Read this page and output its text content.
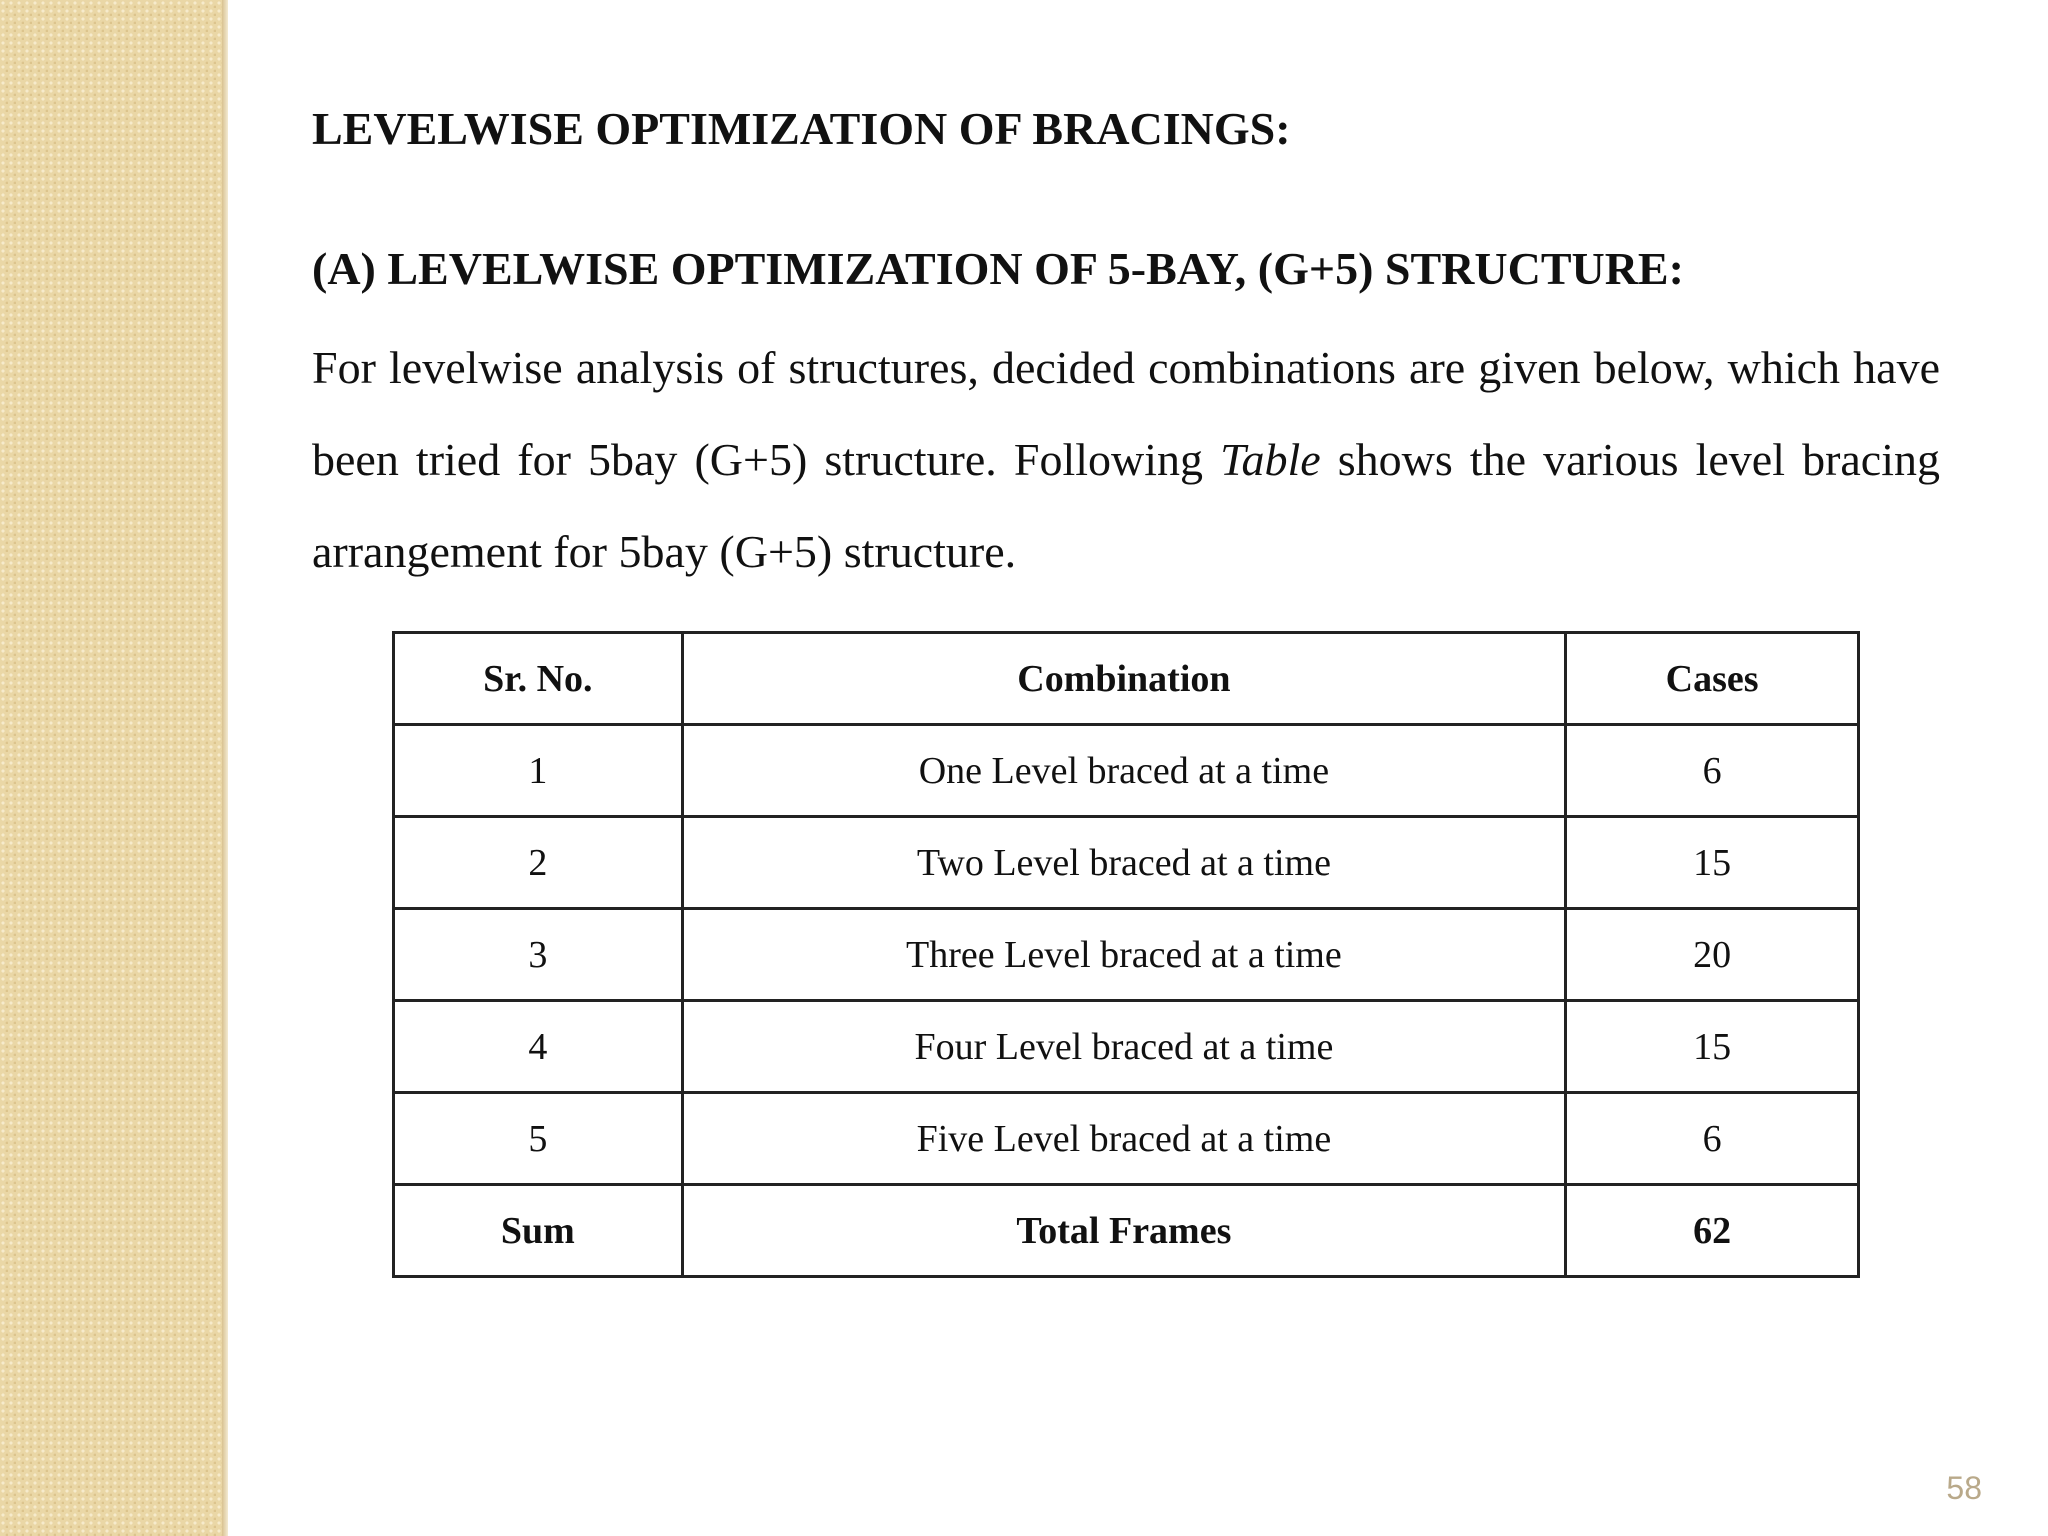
LEVELWISE OPTIMIZATION OF BRACINGS:
(A) LEVELWISE OPTIMIZATION OF 5-BAY, (G+5) STRUCTURE:

For levelwise analysis of structures, decided combinations are given below, which have been tried for 5bay (G+5) structure. Following Table shows the various level bracing arrangement for 5bay (G+5) structure.

Sr. No.	Combination	Cases
1	One Level braced at a time	6
2	Two Level braced at a time	15
3	Three Level braced at a time	20
4	Four Level braced at a time	15
5	Five Level braced at a time	6
Sum	Total Frames	62
58
